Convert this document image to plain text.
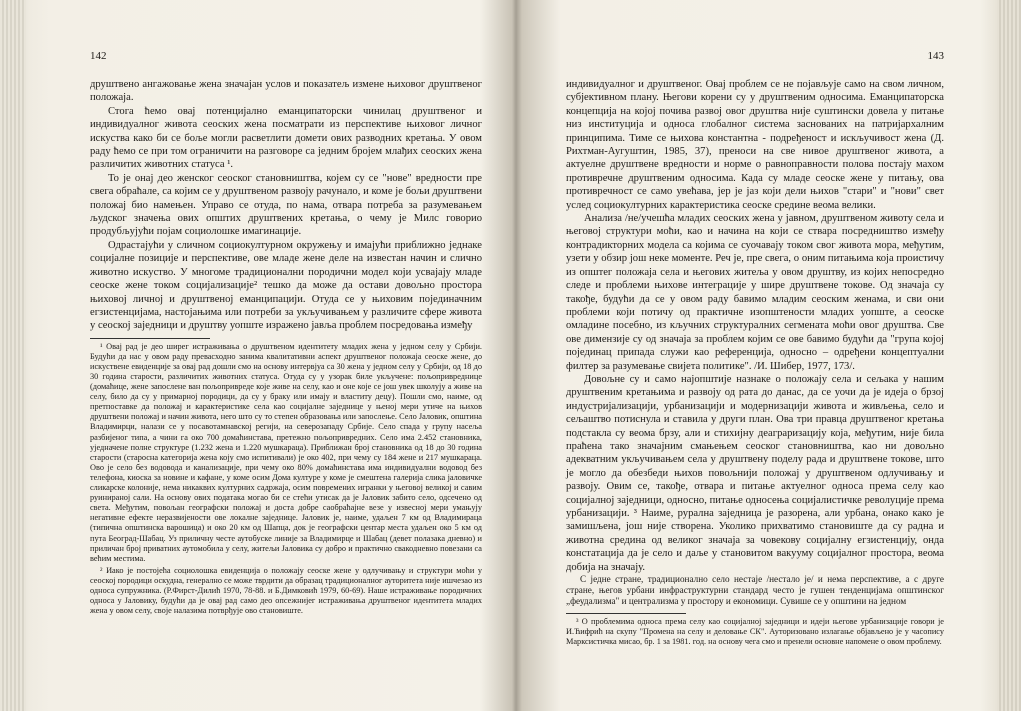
142

друштвено ангажовање жена значајан услов и показатељ измене њиховог друштвеног положаја.

Стога ћемо овај потенцијално еманципаторски чинилац друштвеног и индивидуалног живота сеоских жена посматрати из перспективе њиховог личног искуства како би се боље могли расветлити домети ових разводних кретања. У овом раду ћемо се при том ограничити на разговоре са једним бројем млађих сеоских жена различитих животних статуса ¹.

То је онај део женског сеоског становништва, којем су се "нове" вредности пре свега обраћале, са којим се у друштвеном развоју рачунало, и коме је бољи друштвени положај био намењен. Управо се отуда, по нама, отвара потреба за разумевањем људског значења ових општих друштвених кретања, о чему је Милс говорио продубљујући појам социолошке имагинације.

Одрастајући у сличном социокултурном окружењу и имајући приближно једнаке социјалне позиције и перспективе, ове младе жене деле на известан начин и слично животно искуство. У многоме традиционални породични модел који усвајају младе сеоске жене током социјализације² тешко да може да остави довољно простора њиховој личној и друштвеној еманципацији. Отуда се у њиховим појединачним егзистенцијама, настојањима или потреби за укључивањем у различите сфере живота у сеоској заједници и друштву уопште изражено јавља проблем посредовања између

¹ Овај рад је део ширег истраживања о друштвеном идентитету младих жена у једном селу у Србији. Будући да нас у овом раду превасходно занима квалитативни аспект друштвеног положаја сеоске жене, до искуствене евиденције за овај рад дошли смо на основу интервјуа са 30 жена у једном селу у Србији, од 18 до 30 година старости, различитих животних статуса. Отуда су у узорак биле укључене: пољопривреднице (домаћице, жене запослене ван пољопривреде које живе на селу, као и оне које се још увек школују а живе на селу, било да су у примарној породици, да су у браку или имају и властиту децу). Пошли смо, наиме, од претпоставке да положај и карактеристике села као социјалне заједнице у њеној мери утиче на њихов друштвени положај и начин живота, него што су то степен образовања или запослење. Село Јаловик, општина Владимирци, налази се у посавотамнавској регији, на северозападу Србије. Село спада у групу насеља разбијеног типа, а чини га око 700 домаћинстава, претежно пољопривредних. Село има 2.452 становника, уједначене полне структуре (1.232 жена и 1.220 мушкараца). Приближан број становника од 18 до 30 година старости (старосна категорија жена коју смо испитивали) је око 402, при чему су 184 жене и 217 мушкараца. Ово је село без водовода и канализације, при чему око 80% домаћинстава има индивидуални водовод без телефона, киоска за новине и кафане, у коме осим Дома културе у коме је смештена галерија слика јаловичке сликарске колоније, нема никаквих културних садржаја, осим повремених игранки у његовој великој и савим руинираној сали. На основу ових података могао би се стећи утисак да је Јаловик забито село, одсечено од света. Међутим, повољан географски положај и доста добре саобраћајне везе у извесној мери умањују негативне ефекте неразвијености ове локалне заједнице. Јаловик је, наиме, удаљен 7 км од Владимираца (типична општинска варошица) и око 20 км од Шапца, док је географски центар места удаљен око 5 км од пута Београд-Шабац. Уз приличну честе аутобуске линије за Владимирце и Шабац (девет полазака дневно) и приличан број приватних аутомобила у селу, житељи Јаловика су добро и практично свакодневно повезани са већим местима.

² Иако је постојећа социолошка евиденција о положају сеоске жене у одлучивању и структури моћи у сеоској породици оскудна, генерално се може тврдити да образац традиционалног ауторитета није ишчезао из односа супружника. (Р.Фирст-Дилић 1970, 78-88. и Б.Димковић 1979, 60-69). Наше истраживање породичних односа у Јаловику, будући да је овај рад само део опсежнијег истраживања друштвеног идентитета младих жена у овом селу, своје налазима потврђује ово становиште.

143

индивидуалног и друштвеног. Овај проблем се не појављује само на свом личном, субјективном плану. Његови корени су у друштвеним односима. Еманципаторска концепција на којој почива развој овог друштва није суштински довела у питање низ институција и односа глобалног система заснованих на патријархалним принципима. Тиме се њихова константна - подређеност и искључивост жена (Д. Рихтман-Аугуштин, 1985, 37), преноси на све нивое друштвеног живота, а актуелне друштвене вредности и норме о равноправности полова постају махом противречне друштвеним односима. Када су младе сеоске жене у питању, ова противречност се само увећава, јер је јаз који дели њихов "стари" и "нови" свет услед социокултурних карактеристика сеоске средине веома велики.

Анализа /не/учешћа младих сеоских жена у јавном, друштвеном животу села и његовој структури моћи, као и начина на који се ствара посредништво између контрадикторних модела са којима се суочавају током свог живота мора, међутим, узети у обзир још неке моменте. Реч је, пре свега, о оним питањима која проистичу из општег положаја села и његових житеља у овом друштву, из којих непосредно следе и проблеми њихове интеграције у шире друштвене токове. Од значаја су такође, будући да се у овом раду бавимо младим сеоским женама, и сви они проблеми који потичу од практичне изопштености младих уопште, а сеоске омладине посебно, из кључних структуралних сегмената моћи овог друштва. Све ове димензије су од значаја за проблем којим се ове бавимо будући да "група којој појединац припада служи као референција, односно – одређени концептуални филтер за разумевање свијета политике". /И. Шибер, 1977, 173/.

Довољне су и само најопштије назнаке о положају села и сељака у нашим друштвеним кретањима и развоју од рата до данас, да се уочи да је идеја о брзој индустријализацији, урбанизацији и модернизацији живота и живљења, село и сељаштво потиснула и ставила у други план. Ова три правца друштвеног кретања подстакла су веома брзу, али и стихијну деаграризацију која, међутим, није била праћена тако значајним смањењем сеоског становништва, као ни довољно адекватним укључивањем села у друштвену поделу рада и друштвене токове, што је могло да обезбеди њихов повољнији положај у друштвеном одлучивању и развоју. Овим се, такође, отвара и питање актуелног односа према селу као социјалној заједници, односно, питање односења социјалистичке револуције према урбанизацији. ³ Наиме, рурална заједница је разорена, али урбана, онако како је замишљена, још није створена. Уколико прихватимо становиште да су радна и животна средина од великог значаја за човекову социјалну егзистенцију, онда констатација да је село и даље у становитом вакууму социјалног простора, веома добија на значају.

С једне стране, традиционално село нестаје /нестало је/ и нема перспективе, а с друге стране, његов урбани инфраструктурни стандард често је гушен тенденцијама општинског „феудализма" и централизма у простору и економици. Сувише се у општини на једном

³ О проблемима односа према селу као социјалној заједници и идеји његовe урбанизације говори је И.Ћифрић на скупу "Промена на селу и деловање СК". Ауторизовано излагање објављено је у часопису Марксистичка мисао, бр. 1 за 1981. год. на основу чега смо и пренели основне напомене о овом проблему.
